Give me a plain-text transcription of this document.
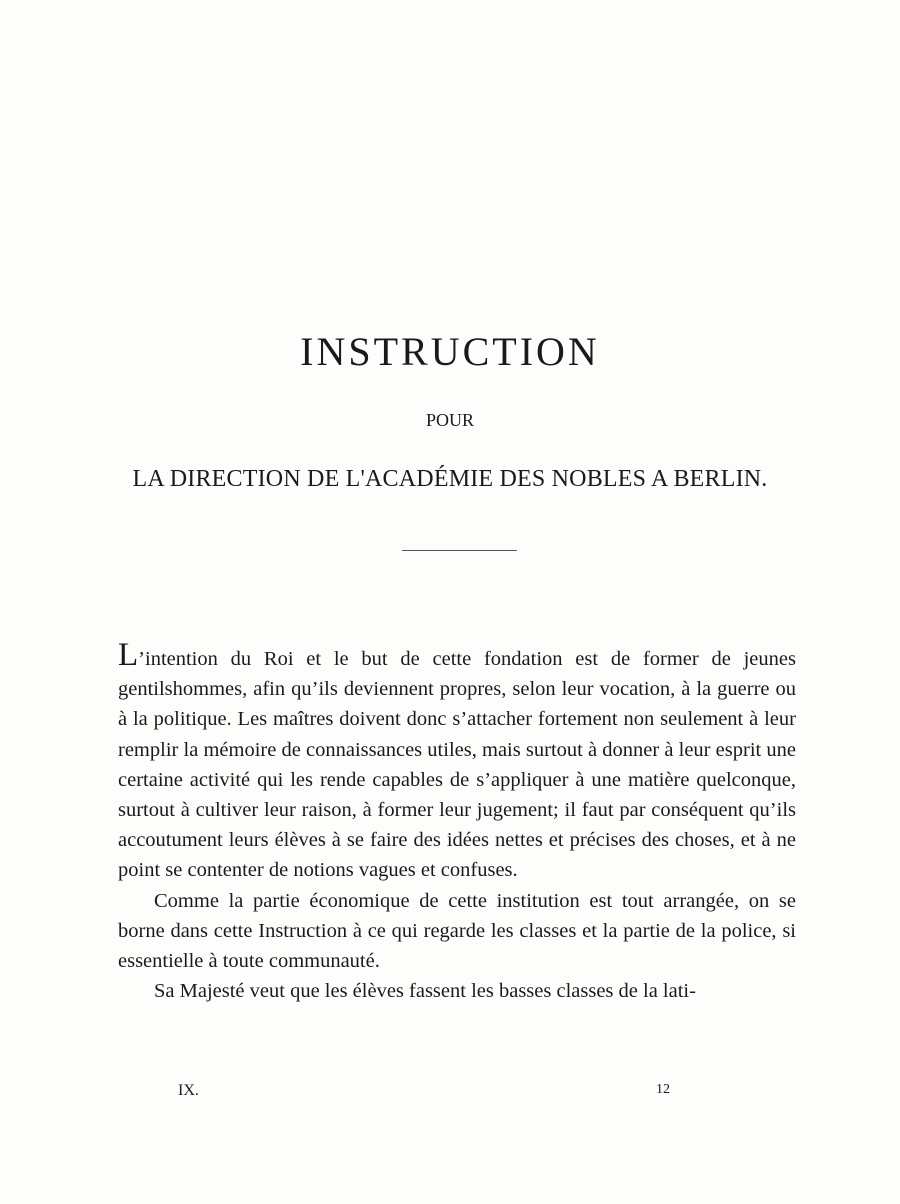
INSTRUCTION
POUR
LA DIRECTION DE L'ACADÉMIE DES NOBLES A BERLIN.

L’intention du Roi et le but de cette fondation est de former de jeunes gentilshommes, afin qu’ils deviennent propres, selon leur vocation, à la guerre ou à la politique. Les maîtres doivent donc s’attacher fortement non seulement à leur remplir la mémoire de connaissances utiles, mais surtout à donner à leur esprit une certaine activité qui les rende capables de s’appliquer à une matière quelconque, surtout à cultiver leur raison, à former leur jugement; il faut par conséquent qu’ils accoutument leurs élèves à se faire des idées nettes et précises des choses, et à ne point se contenter de notions vagues et confuses.

Comme la partie économique de cette institution est tout arrangée, on se borne dans cette Instruction à ce qui regarde les classes et la partie de la police, si essentielle à toute communauté.

Sa Majesté veut que les élèves fassent les basses classes de la lati-

IX.	12
